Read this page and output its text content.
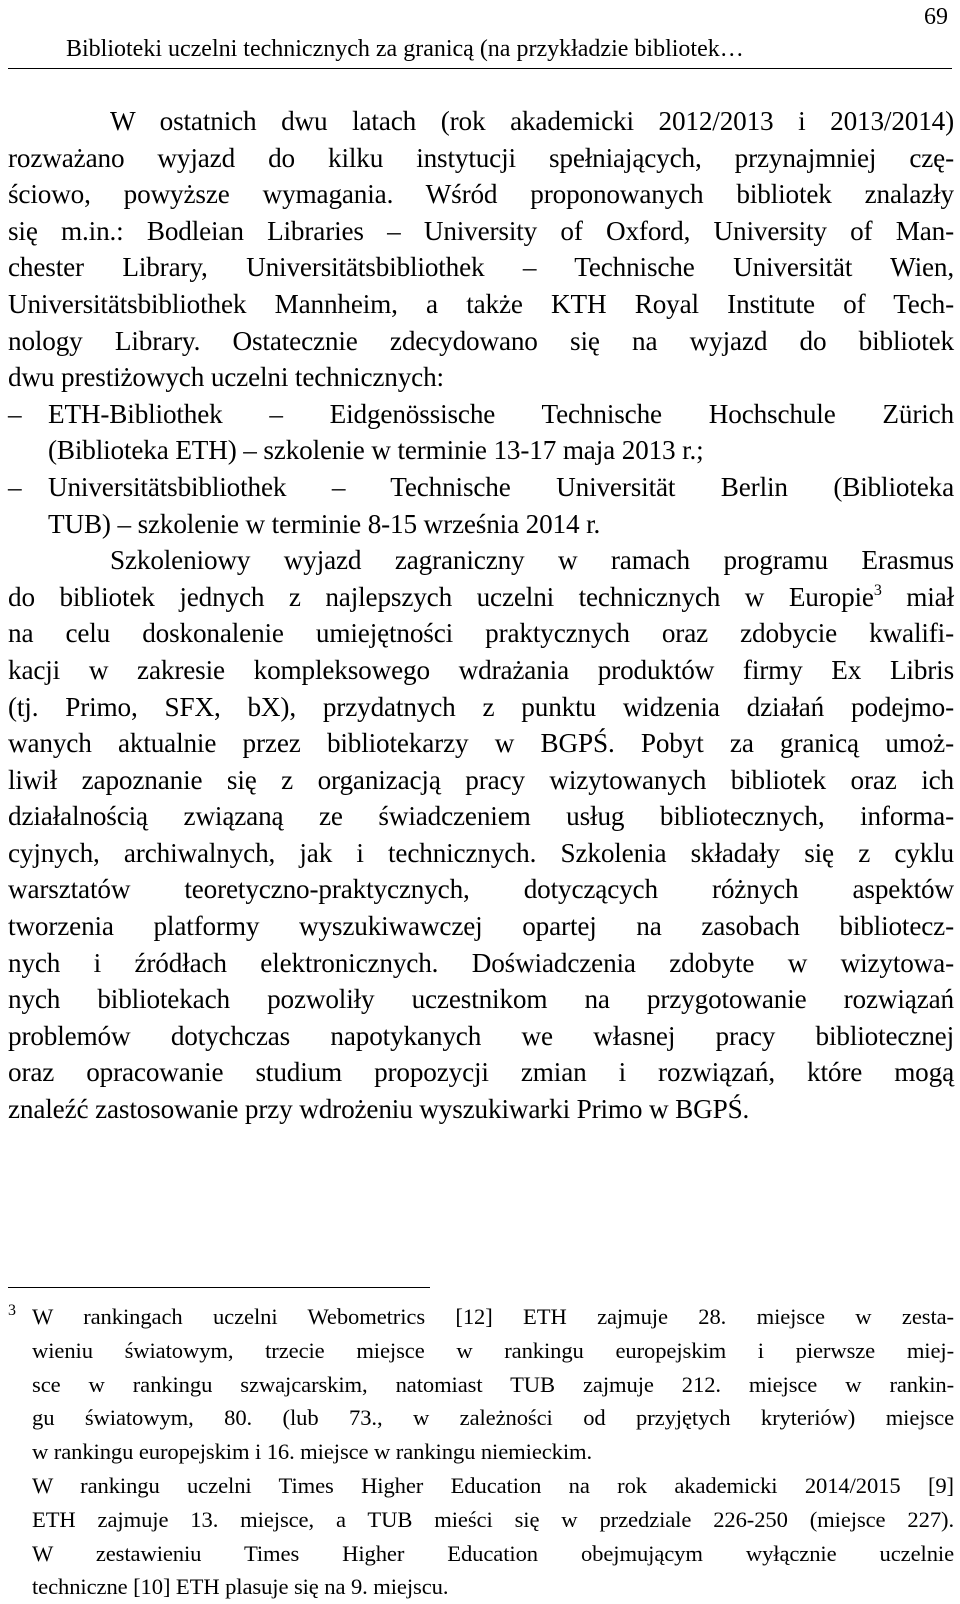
Biblioteki uczelni technicznych za granicą (na przykładzie bibliotek…
69

W ostatnich dwu latach (rok akademicki 2012/2013 i 2013/2014)

rozważano wyjazd do kilku instytucji spełniających, przynajmniej czę-

ściowo, powyższe wymagania. Wśród proponowanych bibliotek znalazły

się m.in.: Bodleian Libraries – University of Oxford, University of Man-

chester Library, Universitätsbibliothek – Technische Universität Wien,

Universitätsbibliothek Mannheim, a także KTH Royal Institute of Tech-

nology Library. Ostatecznie zdecydowano się na wyjazd do bibliotek

dwu prestiżowych uczelni technicznych:

– ETH-Bibliothek – Eidgenössische Technische Hochschule Zürich

(Biblioteka ETH) – szkolenie w terminie 13-17 maja 2013 r.;

– Universitätsbibliothek – Technische Universität Berlin (Biblioteka

TUB) – szkolenie w terminie 8-15 września 2014 r.

Szkoleniowy wyjazd zagraniczny w ramach programu Erasmus

do bibliotek jednych z najlepszych uczelni technicznych w Europie$^3$ miał

na celu doskonalenie umiejętności praktycznych oraz zdobycie kwalifi-

kacji w zakresie kompleksowego wdrażania produktów firmy Ex Libris

(tj. Primo, SFX, bX), przydatnych z punktu widzenia działań podejmo-

wanych aktualnie przez bibliotekarzy w BGPŚ. Pobyt za granicą umoż-

liwił zapoznanie się z organizacją pracy wizytowanych bibliotek oraz ich

działalnością związaną ze świadczeniem usług bibliotecznych, informa-

cyjnych, archiwalnych, jak i technicznych. Szkolenia składały się z cyklu

warsztatów teoretyczno-praktycznych, dotyczących różnych aspektów

tworzenia platformy wyszukiwawczej opartej na zasobach bibliotecz-

nych i źródłach elektronicznych. Doświadczenia zdobyte w wizytowa-

nych bibliotekach pozwoliły uczestnikom na przygotowanie rozwiązań

problemów dotychczas napotykanych we własnej pracy bibliotecznej

oraz opracowanie studium propozycji zmian i rozwiązań, które mogą

znaleźć zastosowanie przy wdrożeniu wyszukiwarki Primo w BGPŚ.

3 W rankingach uczelni Webometrics [12] ETH zajmuje 28. miejsce w zesta-

wieniu światowym, trzecie miejsce w rankingu europejskim i pierwsze miej-

sce w rankingu szwajcarskim, natomiast TUB zajmuje 212. miejsce w rankin-

gu światowym, 80. (lub 73., w zależności od przyjętych kryteriów) miejsce

w rankingu europejskim i 16. miejsce w rankingu niemieckim.

W rankingu uczelni Times Higher Education na rok akademicki 2014/2015 [9]

ETH zajmuje 13. miejsce, a TUB mieści się w przedziale 226-250 (miejsce 227).

W zestawieniu Times Higher Education obejmującym wyłącznie uczelnie

techniczne [10] ETH plasuje się na 9. miejscu.
